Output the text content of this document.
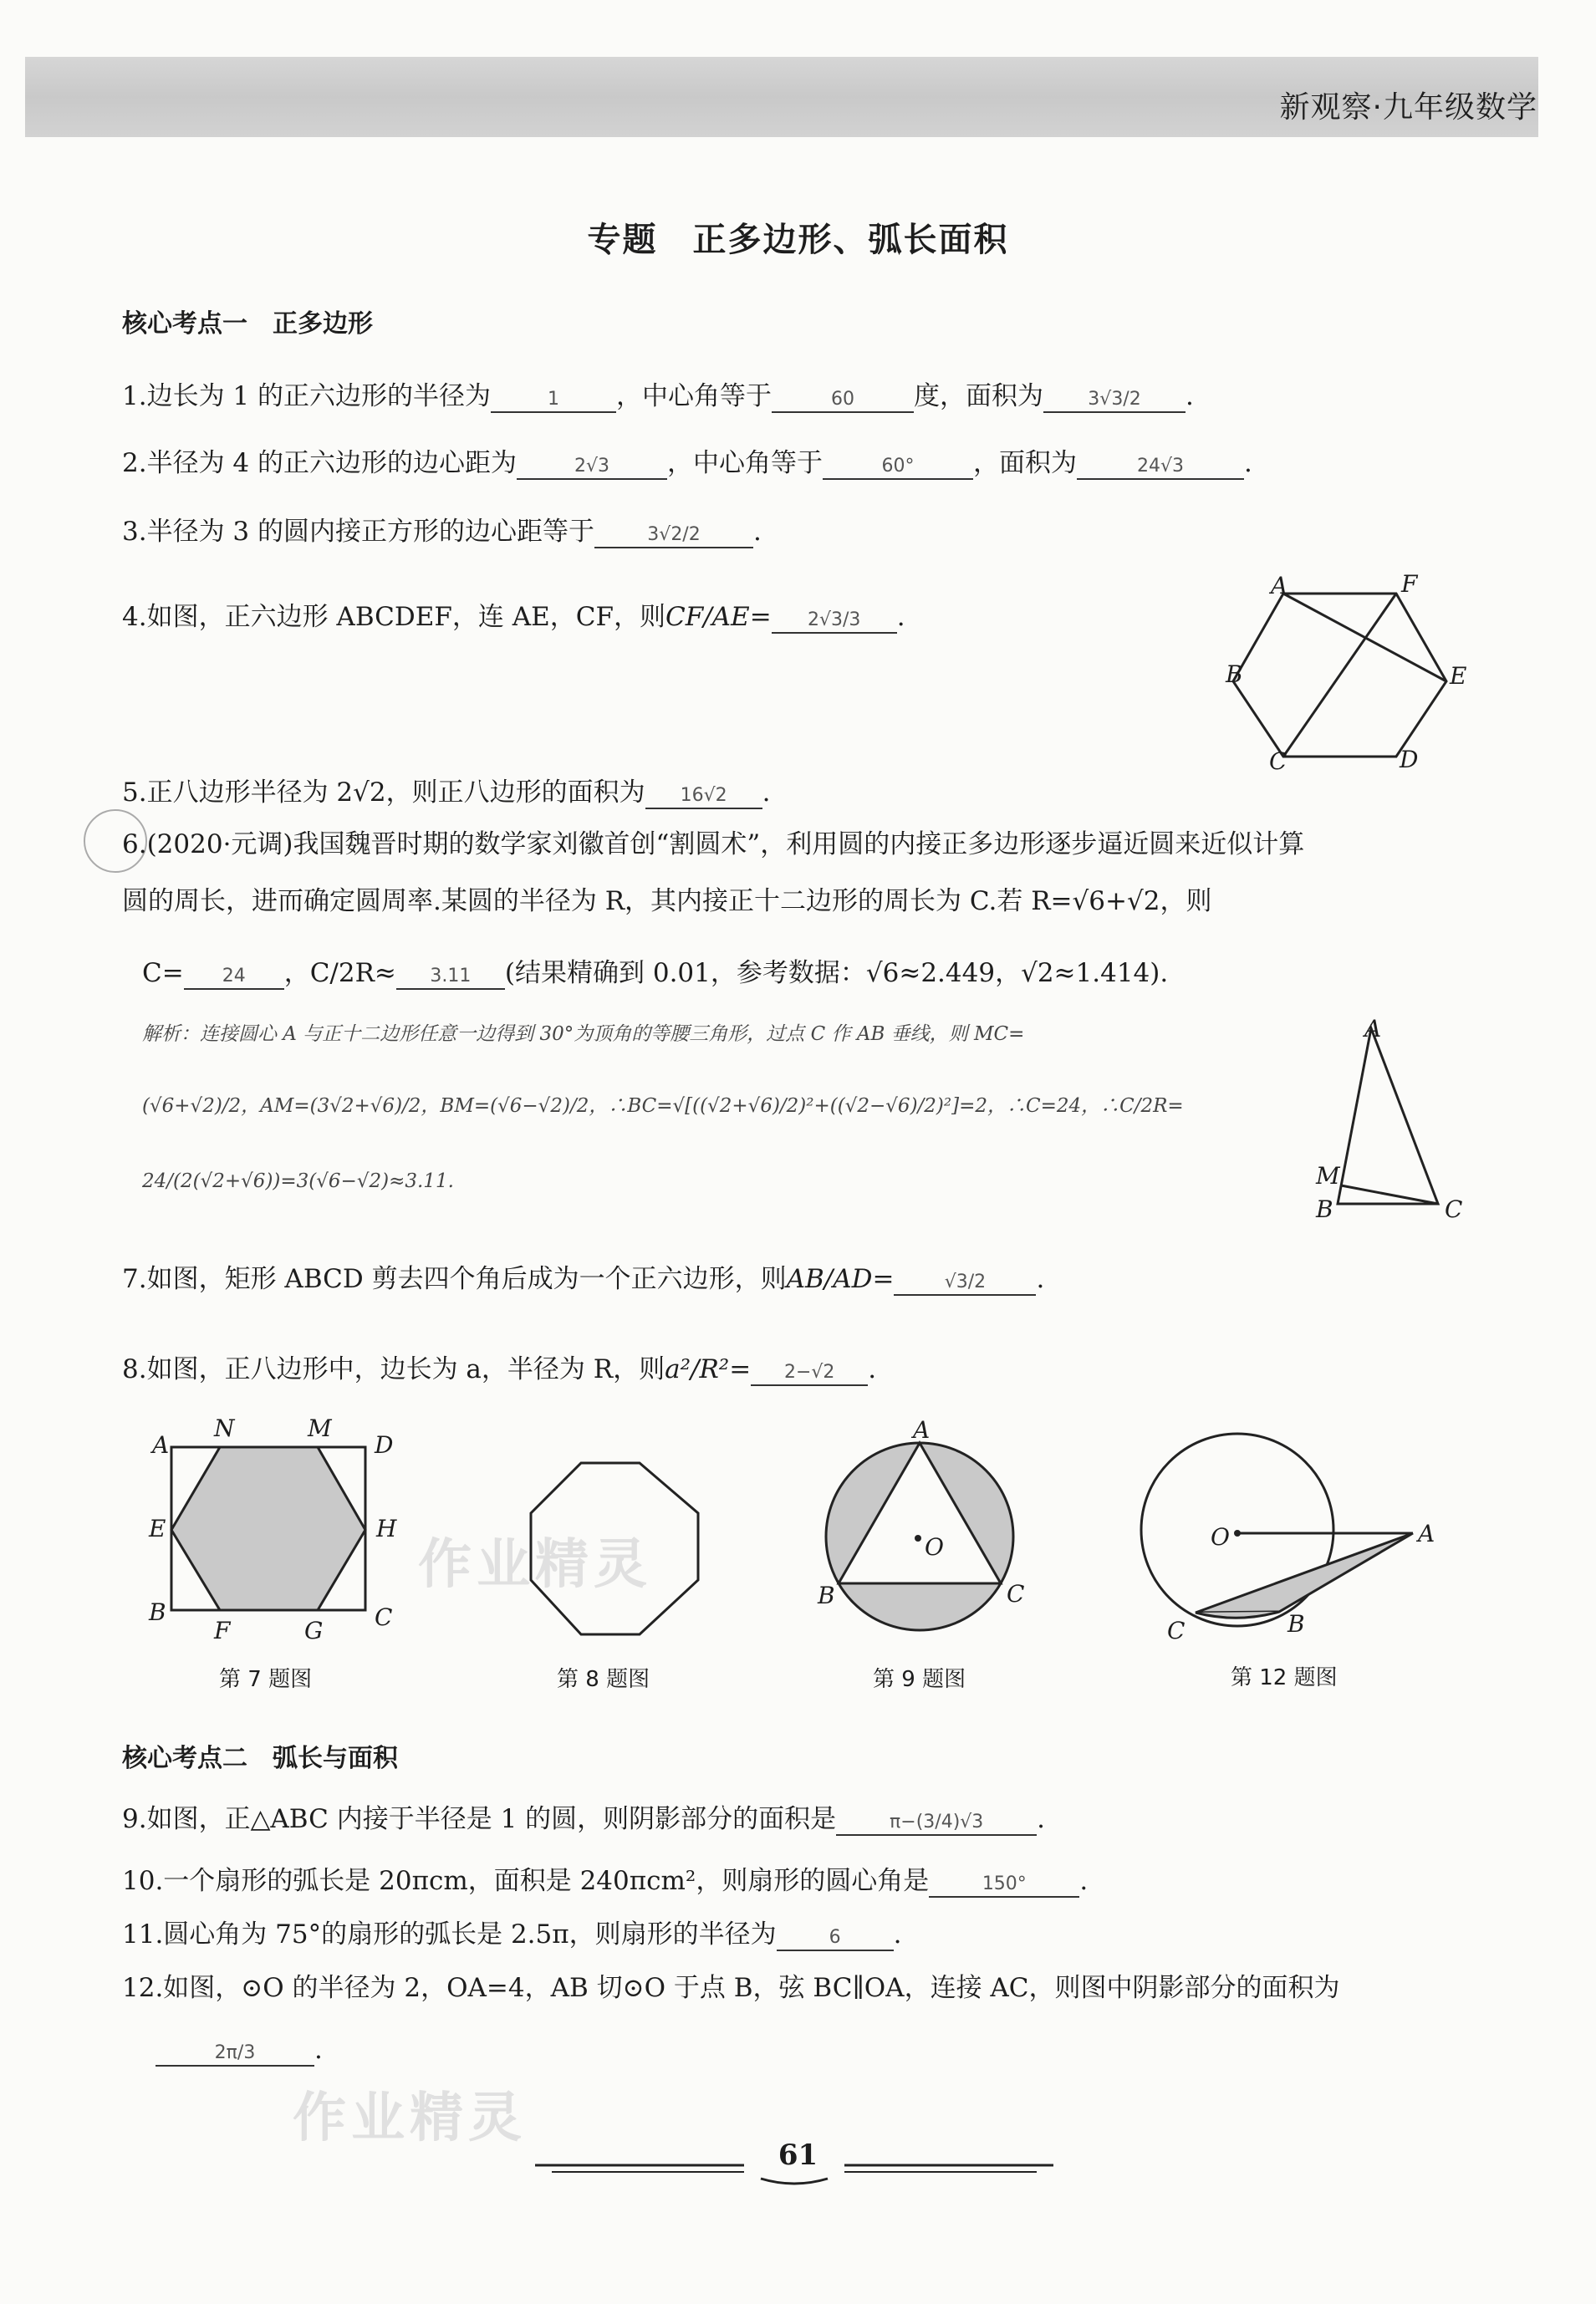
新观察·九年级数学
专题　正多边形、弧长面积
核心考点一　正多边形
1.边长为 1 的正六边形的半径为	1 ，中心角等于	60 度，面积为 3√3/2 .
2.半径为 4 的正六边形的边心距为	2√3 ，中心角等于	60° ，面积为	24√3 .
3.半径为 3 的圆内接正方形的边心距等于	3√2/2 .
4.如图，正六边形 ABCDEF，连 AE，CF，则CF/AE= 2√3/3 .
A	F
B	E
C	D
5.正八边形半径为 2√2，则正八边形的面积为 16√2 .
6.(2020·元调)我国魏晋时期的数学家刘徽首创“割圆术”，利用圆的内接正多边形逐步逼近圆来近似计算
圆的周长，进而确定圆周率.某圆的半径为 R，其内接正十二边形的周长为 C.若 R=√6+√2，则
C= 24 ，C/2R≈ 3.11 (结果精确到 0.01，参考数据：√6≈2.449，√2≈1.414).
解析：连接圆心 A 与正十二边形任意一边得到 30°为顶角的等腰三角形，过点 C 作 AB 垂线，则 MC=
(√6+√2)/2，AM=(3√2+√6)/2，BM=(√6−√2)/2，∴BC=√[((√2+√6)/2)²+((√2−√6)/2)²]=2，∴C=24，∴C/2R=
24/(2(√2+√6))=3(√6−√2)≈3.11.
A
M
B	C
7.如图，矩形 ABCD 剪去四个角后成为一个正六边形，则AB/AD=	√3/2 .
8.如图，正八边形中，边长为 a，半径为 R，则a²/R²= 2−√2 .
A
N	M
D
E	H
B
F	G C
A
O
B	C
O	A
C	B
第 7 题图	第 8 题图	第 9 题图	第 12 题图
作业精灵
作业精灵
核心考点二　弧长与面积
9.如图，正△ABC 内接于半径是 1 的圆，则阴影部分的面积是	π−(3/4)√3 .
10.一个扇形的弧长是 20πcm，面积是 240πcm²，则扇形的圆心角是	150° .
11.圆心角为 75°的扇形的弧长是 2.5π，则扇形的半径为	6 .
12.如图，⊙O 的半径为 2，OA=4，AB 切⊙O 于点 B，弦 BC∥OA，连接 AC，则图中阴影部分的面积为
2π/3 .
61
